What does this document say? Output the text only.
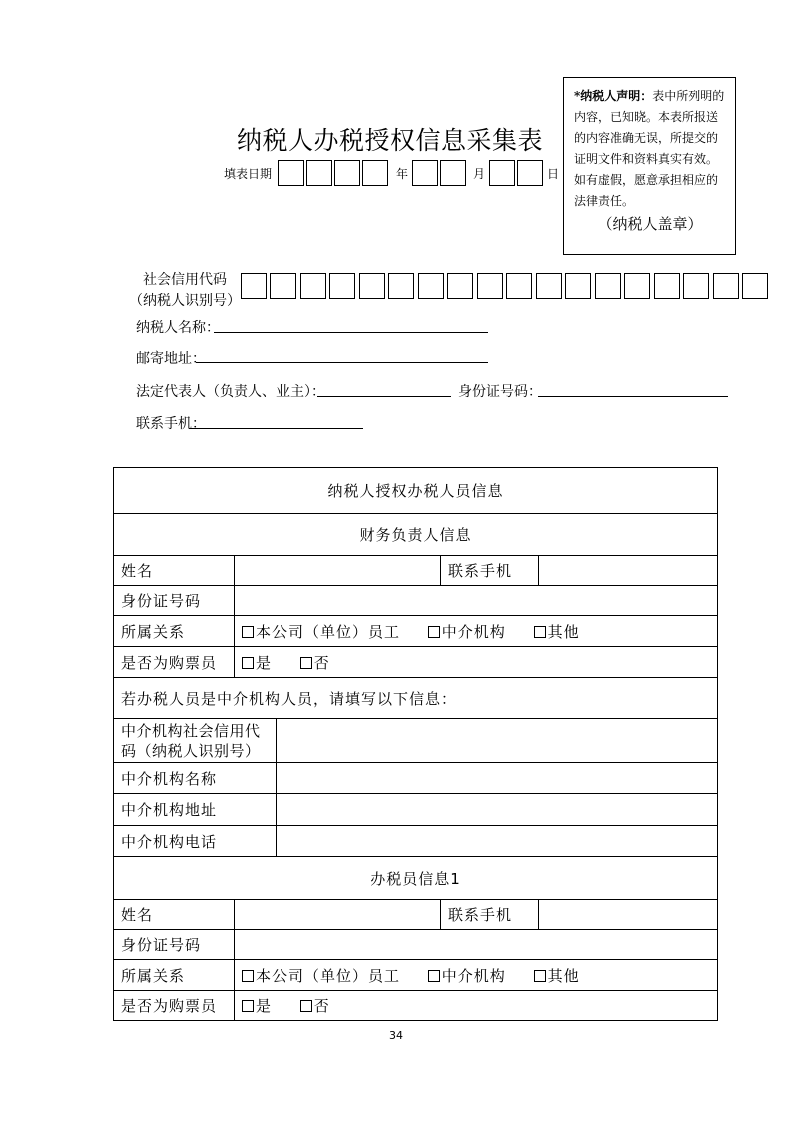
纳税人办税授权信息采集表
填表日期	年	月	日
*纳税人声明：表中所列明的内容，已知晓。本表所报送的内容准确无误，所提交的证明文件和资料真实有效。如有虚假，愿意承担相应的法律责任。
（纳税人盖章）
社会信用代码
（纳税人识别号）
纳税人名称：
邮寄地址：
法定代表人（负责人、业主）：	身份证号码：
联系手机：
纳税人授权办税人员信息				
财务负责人信息				
姓名			联系手机	
身份证号码				
所属关系	本公司（单位）员工 中介机构 其他			
是否为购票员	是 否			
若办税人员是中介机构人员，请填写以下信息：				

中介机构社会信用代
码（纳税人识别号）				

中介机构名称				
中介机构地址				
中介机构电话				
办税员信息1				
姓名			联系手机	
身份证号码				
所属关系	本公司（单位）员工 中介机构 其他			
是否为购票员	是 否			
34
